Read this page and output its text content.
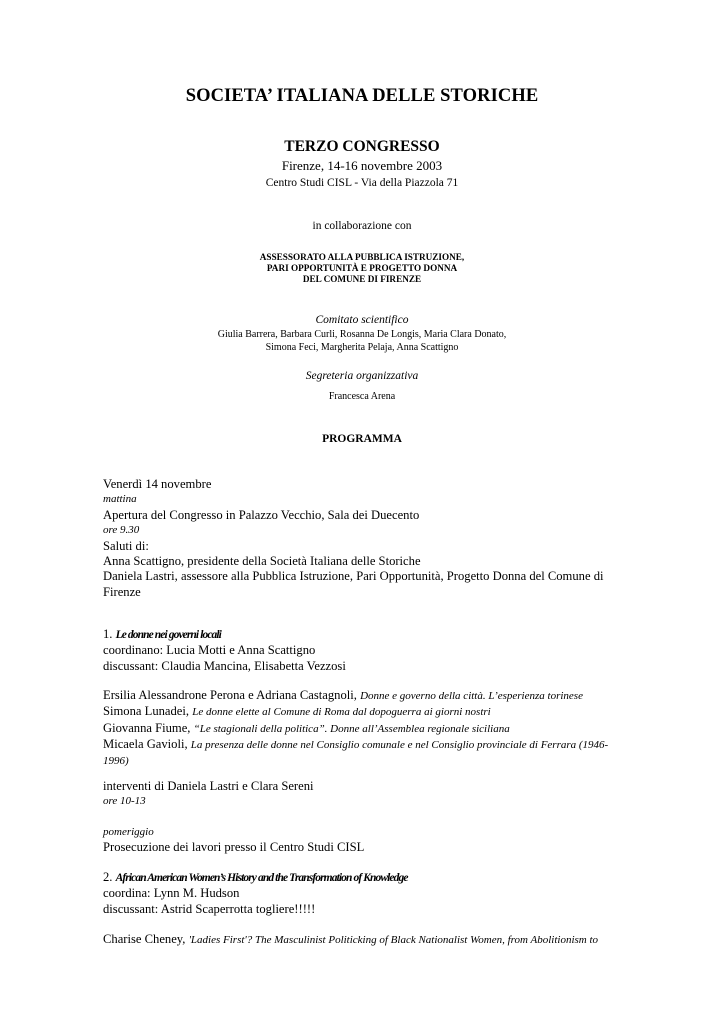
SOCIETA’ ITALIANA DELLE STORICHE
TERZO CONGRESSO
Firenze, 14-16 novembre 2003
Centro Studi CISL - Via della Piazzola 71
in collaborazione con
ASSESSORATO ALLA PUBBLICA ISTRUZIONE,
PARI OPPORTUNITÀ E PROGETTO DONNA
DEL COMUNE DI FIRENZE
Comitato scientifico
Giulia Barrera, Barbara Curli, Rosanna De Longis, Maria Clara Donato,
Simona Feci, Margherita Pelaja, Anna Scattigno
Segreteria organizzativa
Francesca Arena
PROGRAMMA
Venerdì 14 novembre
mattina
Apertura del Congresso in Palazzo Vecchio, Sala dei Duecento
ore 9.30
Saluti di:
Anna Scattigno, presidente della Società Italiana delle Storiche
Daniela Lastri, assessore alla Pubblica Istruzione, Pari Opportunità, Progetto Donna del Comune di
Firenze
1. Le donne nei governi locali
coordinano: Lucia Motti e Anna Scattigno
discussant: Claudia Mancina, Elisabetta Vezzosi
Ersilia Alessandrone Perona e Adriana Castagnoli, Donne e governo della città. L’esperienza torinese
Simona Lunadei, Le donne elette al Comune di Roma dal dopoguerra ai giorni nostri
Giovanna Fiume, “Le stagionali della politica”. Donne all’Assemblea regionale siciliana
Micaela Gavioli, La presenza delle donne nel Consiglio comunale e nel Consiglio provinciale di Ferrara (1946-
1996)
interventi di Daniela Lastri e Clara Sereni
ore 10-13
pomeriggio
Prosecuzione dei lavori presso il Centro Studi CISL
2. African American Women’s History and the Transformation of Knowledge
coordina: Lynn M. Hudson
discussant: Astrid Scaperrotta togliere!!!!!
Charise Cheney, 'Ladies First'? The Masculinist Politicking of Black Nationalist Women, from Abolitionism to
